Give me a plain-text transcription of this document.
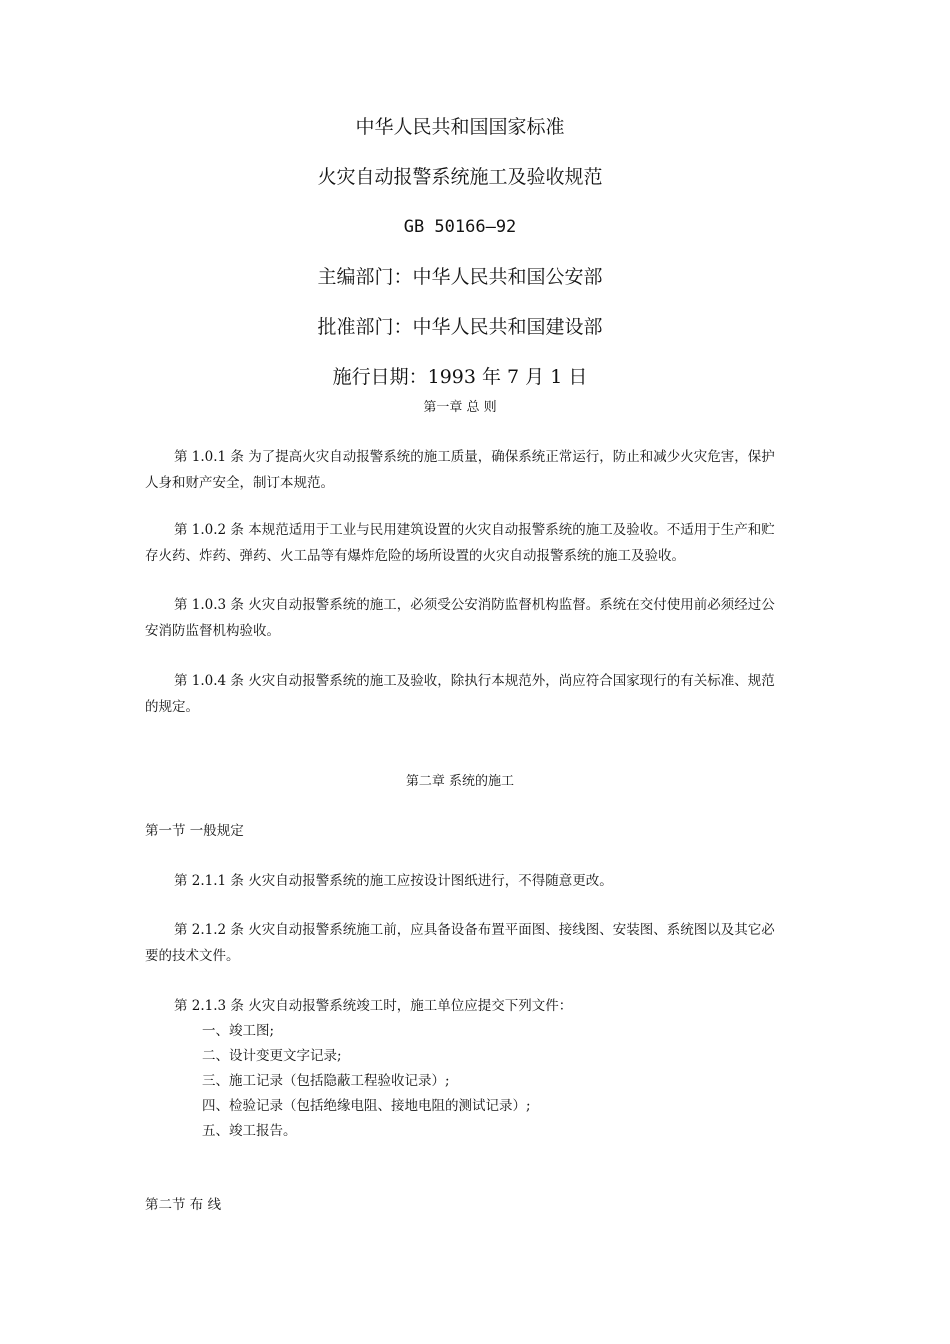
中华人民共和国国家标准
火灾自动报警系统施工及验收规范
GB 50166—92
主编部门：中华人民共和国公安部
批准部门：中华人民共和国建设部
施行日期：1993 年 7 月 1 日
第一章 总 则
第 1.0.1 条 为了提高火灾自动报警系统的施工质量，确保系统正常运行，防止和减少火灾危害，保护人身和财产安全，制订本规范。
第 1.0.2 条 本规范适用于工业与民用建筑设置的火灾自动报警系统的施工及验收。不适用于生产和贮存火药、炸药、弹药、火工品等有爆炸危险的场所设置的火灾自动报警系统的施工及验收。
第 1.0.3 条 火灾自动报警系统的施工，必须受公安消防监督机构监督。系统在交付使用前必须经过公安消防监督机构验收。
第 1.0.4 条 火灾自动报警系统的施工及验收，除执行本规范外，尚应符合国家现行的有关标准、规范的规定。
第二章 系统的施工
第一节 一般规定
第 2.1.1 条 火灾自动报警系统的施工应按设计图纸进行，不得随意更改。
第 2.1.2 条 火灾自动报警系统施工前，应具备设备布置平面图、接线图、安装图、系统图以及其它必要的技术文件。
第 2.1.3 条 火灾自动报警系统竣工时，施工单位应提交下列文件：
一、竣工图;
二、设计变更文字记录;
三、施工记录（包括隐蔽工程验收记录）;
四、检验记录（包括绝缘电阻、接地电阻的测试记录）;
五、竣工报告。
第二节 布 线
